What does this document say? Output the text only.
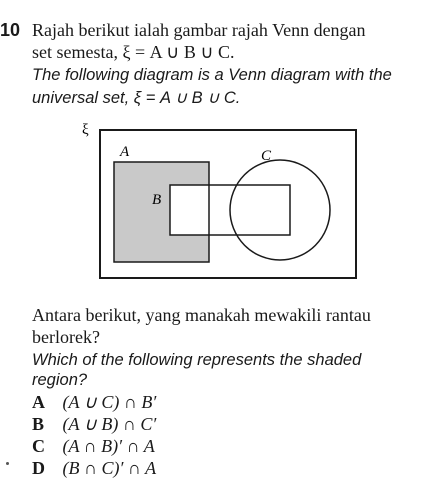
10 Rajah berikut ialah gambar rajah Venn dengan
set semesta, ξ = A ∪ B ∪ C.
The following diagram is a Venn diagram with the
universal set, ξ = A ∪ B ∪ C.
ξ
A
B
C
Antara berikut, yang manakah mewakili rantau
berlorek?
Which of the following represents the shaded
region?
A (A ∪ C) ∩ B′
B (A ∪ B) ∩ C′
C (A ∩ B)′ ∩ A
D (B ∩ C)′ ∩ A
